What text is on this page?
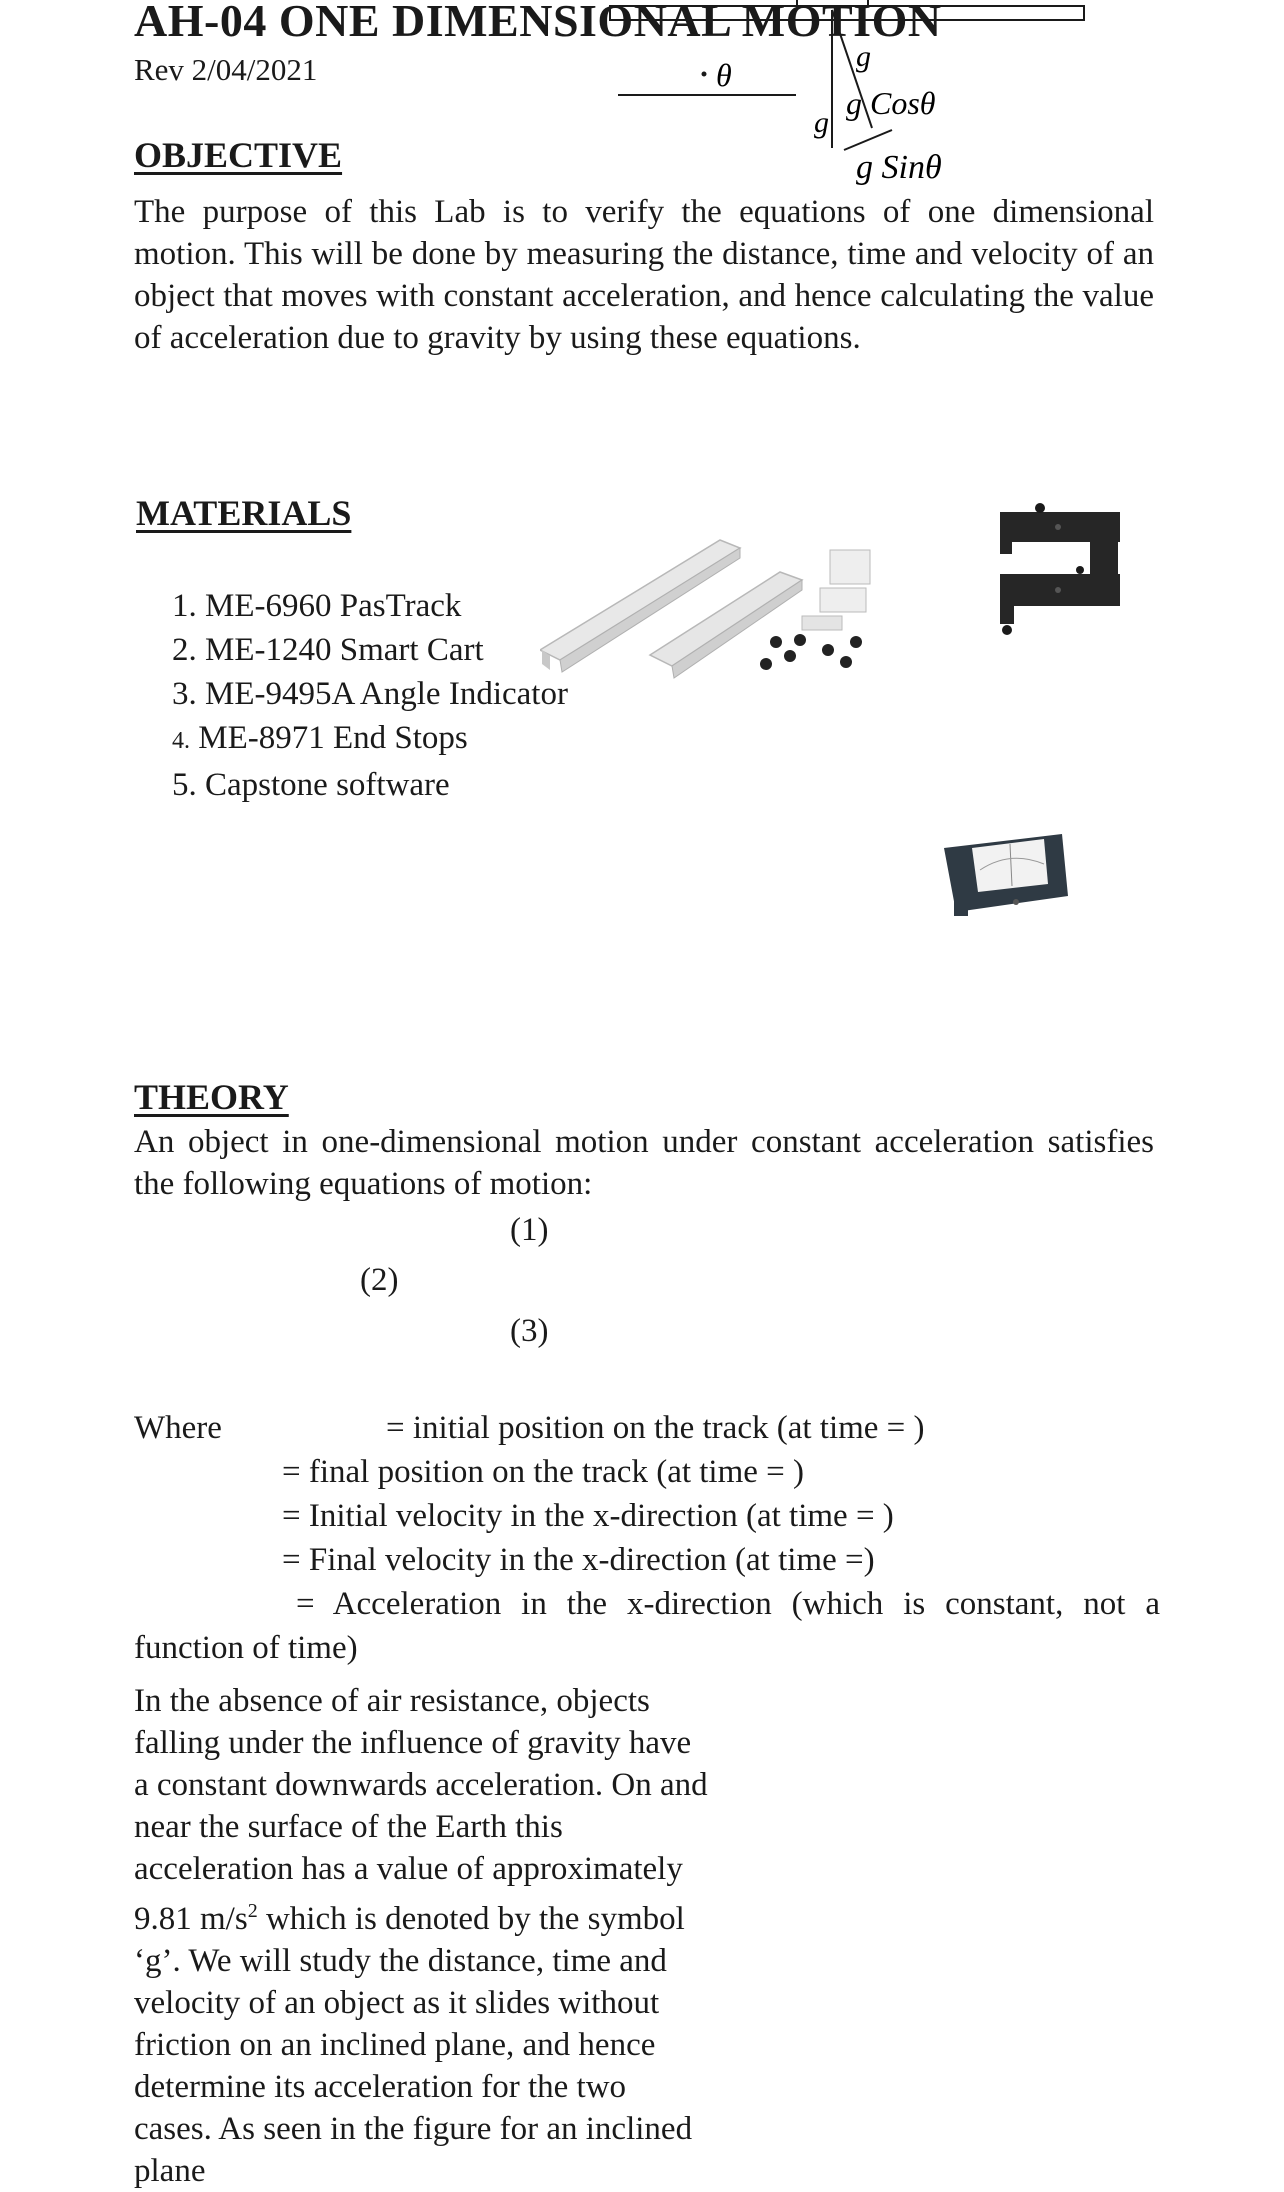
AH-04 ONE DIMENSIONAL MOTION
Rev 2/04/2021	θ
g
g Cosθ
g
g Sinθ
OBJECTIVE
The purpose of this Lab is to verify the equations of one dimensional motion. This will be done by measuring the distance, time and velocity of an object that moves with constant acceleration, and hence calculating the value of acceleration due to gravity by using these equations.
MATERIALS
1. ME-6960 PasTrack
2. ME-1240 Smart Cart
3. ME-9495A Angle Indicator
4. ME-8971 End Stops
5. Capstone software
THEORY
An object in one-dimensional motion under constant acceleration satisfies the following equations of motion:
(1)
(2)
(3)
Where	= initial position on the track (at time = )
= final position on the track (at time = )
= Initial velocity in the x-direction (at time = )
= Final velocity in the x-direction (at time =)
= Acceleration in the x-direction (which is constant, not a
function of time)
In the absence of air resistance, objects falling under the influence of gravity have a constant downwards acceleration. On and near the surface of the Earth this acceleration has a value of approximately 9.81 $m/s^2$ which is denoted by the symbol ‘g’. We will study the distance, time and velocity of an object as it slides without friction on an inclined plane, and hence determine its acceleration for the two cases. As seen in the figure for an inclined plane
